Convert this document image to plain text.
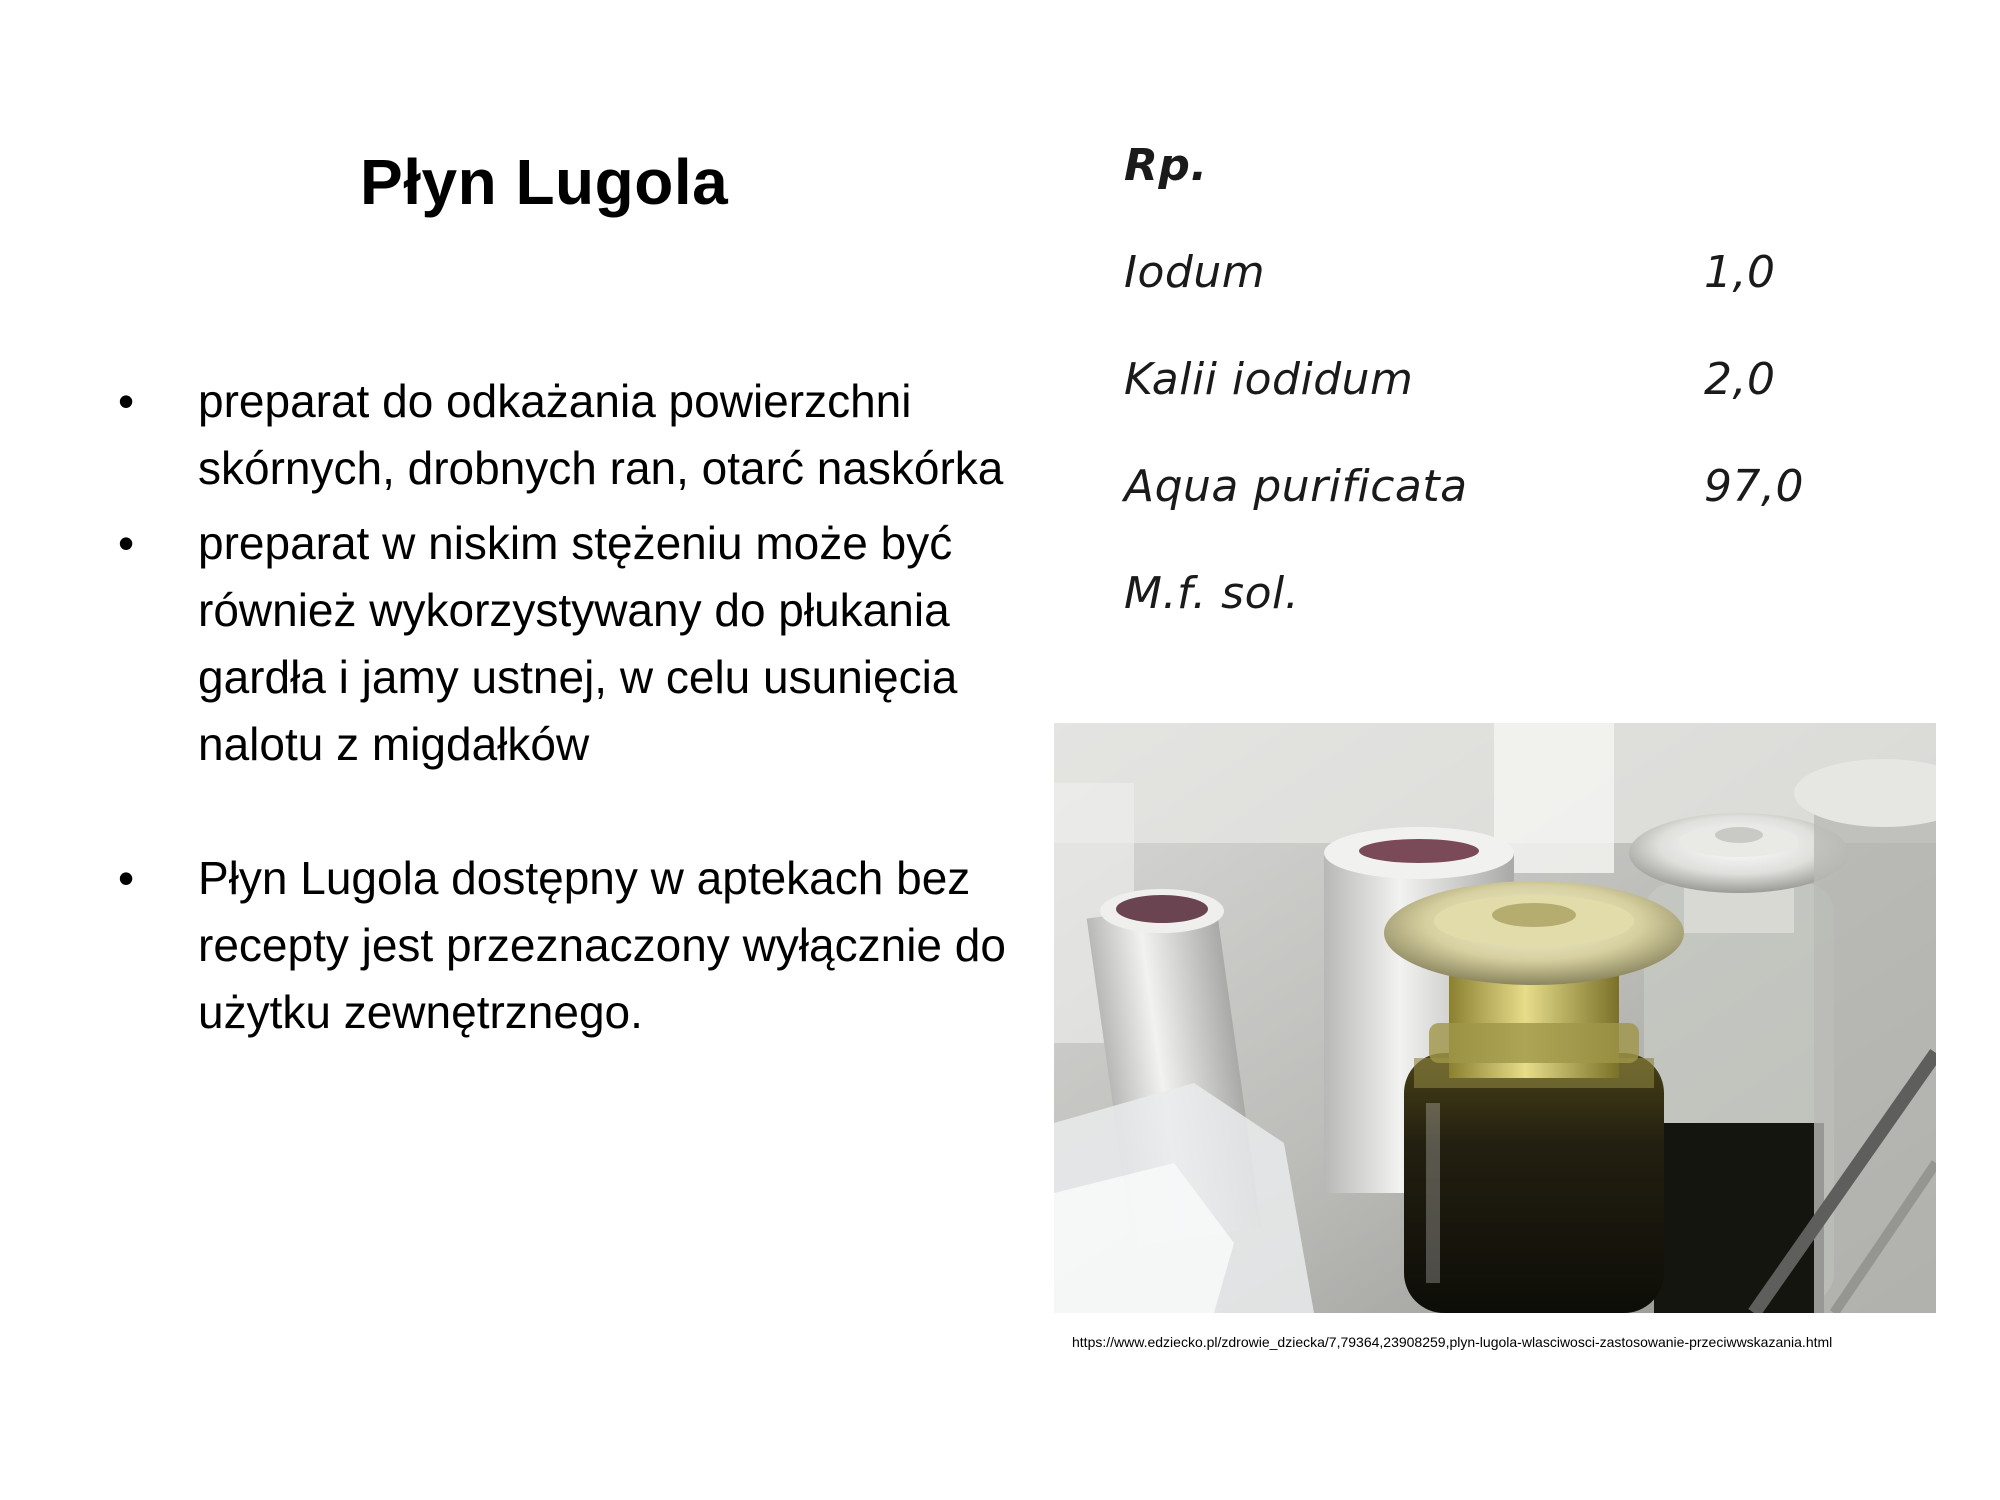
Płyn Lugola
•	preparat do odkażania powierzchni skórnych, drobnych ran, otarć naskórka
•	preparat w niskim stężeniu może być również wykorzystywany do płukania gardła i jamy ustnej, w celu usunięcia nalotu z migdałków
•	Płyn Lugola dostępny w aptekach bez recepty jest przeznaczony wyłącznie do użytku zewnętrznego.
Rp.
Iodum	1,0
Kalii iodidum	2,0
Aqua purificata	97,0
M.f. sol.
https://www.edziecko.pl/zdrowie_dziecka/7,79364,23908259,plyn-lugola-wlasciwosci-zastosowanie-przeciwwskazania.html
